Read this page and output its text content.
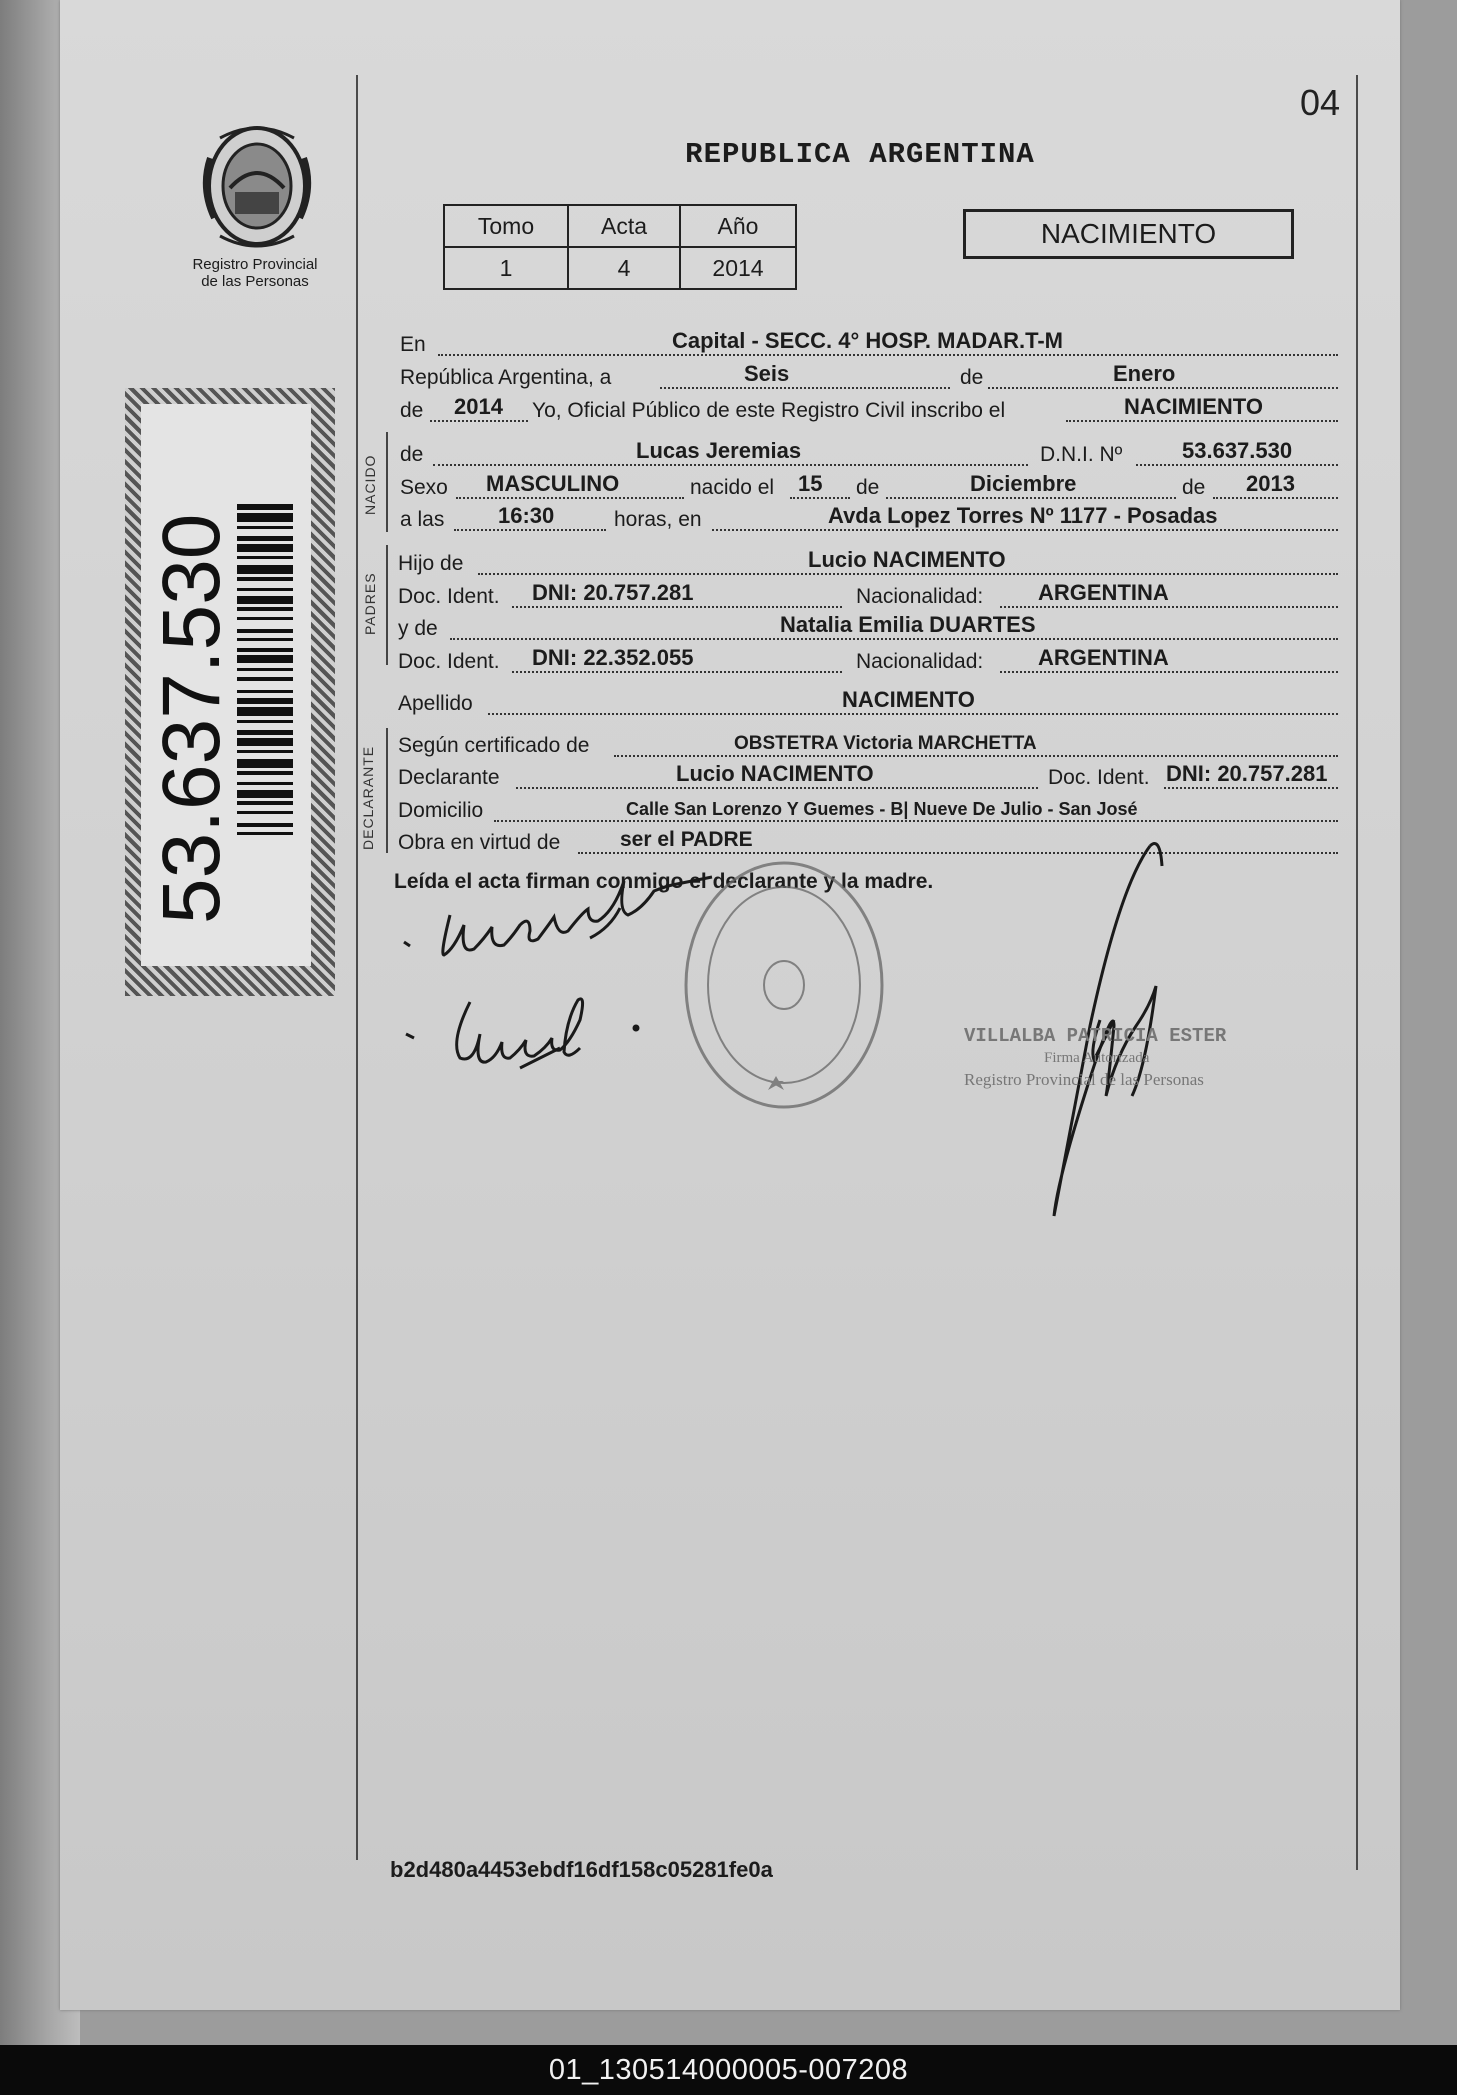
04
REPUBLICA ARGENTINA
Registro Provincial
de las Personas
53.637.530
Tomo	Acta	Año
1	4	2014
NACIMIENTO
NACIDO
PADRES
DECLARANTE
En	Capital - SECC. 4° HOSP. MADAR.T-M
República Argentina, a	Seis	de	Enero
de 2014 Yo, Oficial Público de este Registro Civil inscribo el	NACIMIENTO
de	Lucas Jeremias	D.N.I. Nº	53.637.530
Sexo MASCULINO	nacido el 15 de	Diciembre	de 2013
a las 16:30	horas, en	Avda Lopez Torres Nº 1177 - Posadas
Hijo de	Lucio NACIMENTO
Doc. Ident. DNI: 20.757.281	Nacionalidad: ARGENTINA
y de	Natalia Emilia DUARTES
Doc. Ident. DNI: 22.352.055	Nacionalidad: ARGENTINA
Apellido	NACIMENTO
Según certificado de	OBSTETRA Victoria MARCHETTA
Declarante	Lucio NACIMENTO	Doc. Ident. DNI: 20.757.281
Domicilio	Calle San Lorenzo Y Guemes - B| Nueve De Julio - San José
Obra en virtud de	ser el PADRE
Leída el acta firman conmigo el declarante y la madre.
VILLALBA PATRICIA ESTER
Firma Autorizada
Registro Provincial de las Personas
b2d480a4453ebdf16df158c05281fe0a
01_130514000005-007208
